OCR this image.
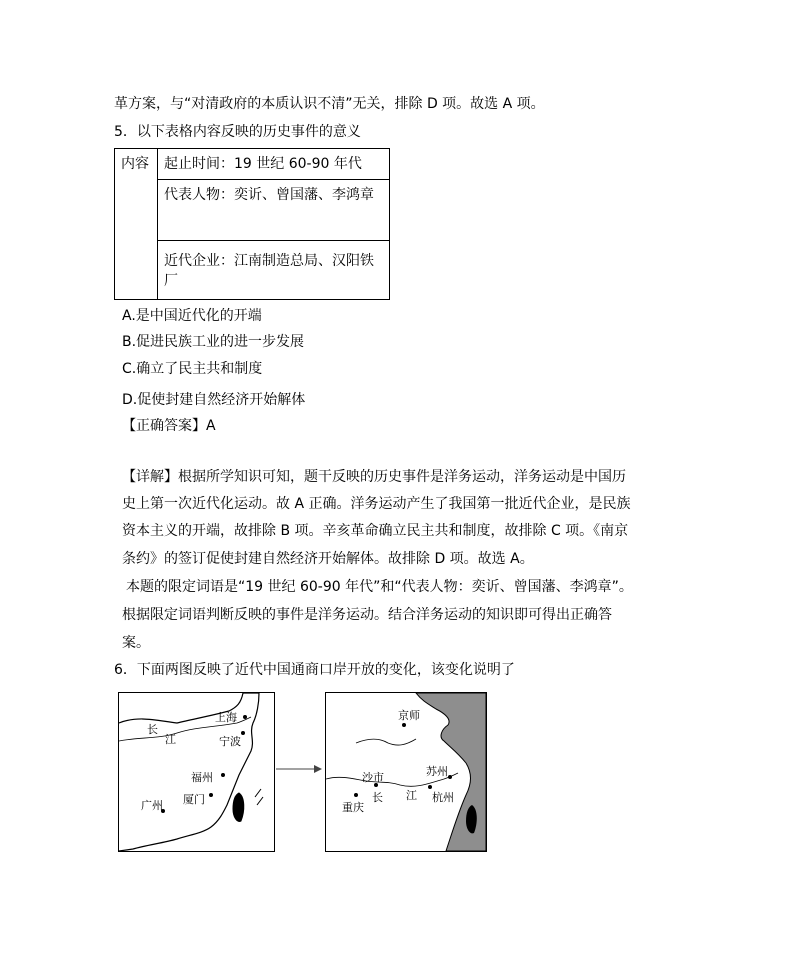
革方案，与“对清政府的本质认识不清”无关，排除 D 项。故选 A 项。
5．以下表格内容反映的历史事件的意义
内容	起止时间：19 世纪 60-90 年代
代表人物：奕䜣、曾国藩、李鸿章
近代企业：江南制造总局、汉阳铁厂
A.是中国近代化的开端
B.促进民族工业的进一步发展
C.确立了民主共和制度
D.促使封建自然经济开始解体
【正确答案】A
【详解】根据所学知识可知，题干反映的历史事件是洋务运动，洋务运动是中国历
史上第一次近代化运动。故 A 正确。洋务运动产生了我国第一批近代企业，是民族
资本主义的开端，故排除 B 项。辛亥革命确立民主共和制度，故排除 C 项。《南京
条约》的签订促使封建自然经济开始解体。故排除 D 项。故选 A。
本题的限定词语是“19 世纪 60-90 年代”和“代表人物：奕䜣、曾国藩、李鸿章”。
根据限定词语判断反映的事件是洋务运动。结合洋务运动的知识即可得出正确答
案。
6．下面两图反映了近代中国通商口岸开放的变化，该变化说明了
上海
宁波
长
江
福州
厦门
广州
京师
苏州
沙市
长 江 杭州
重庆
